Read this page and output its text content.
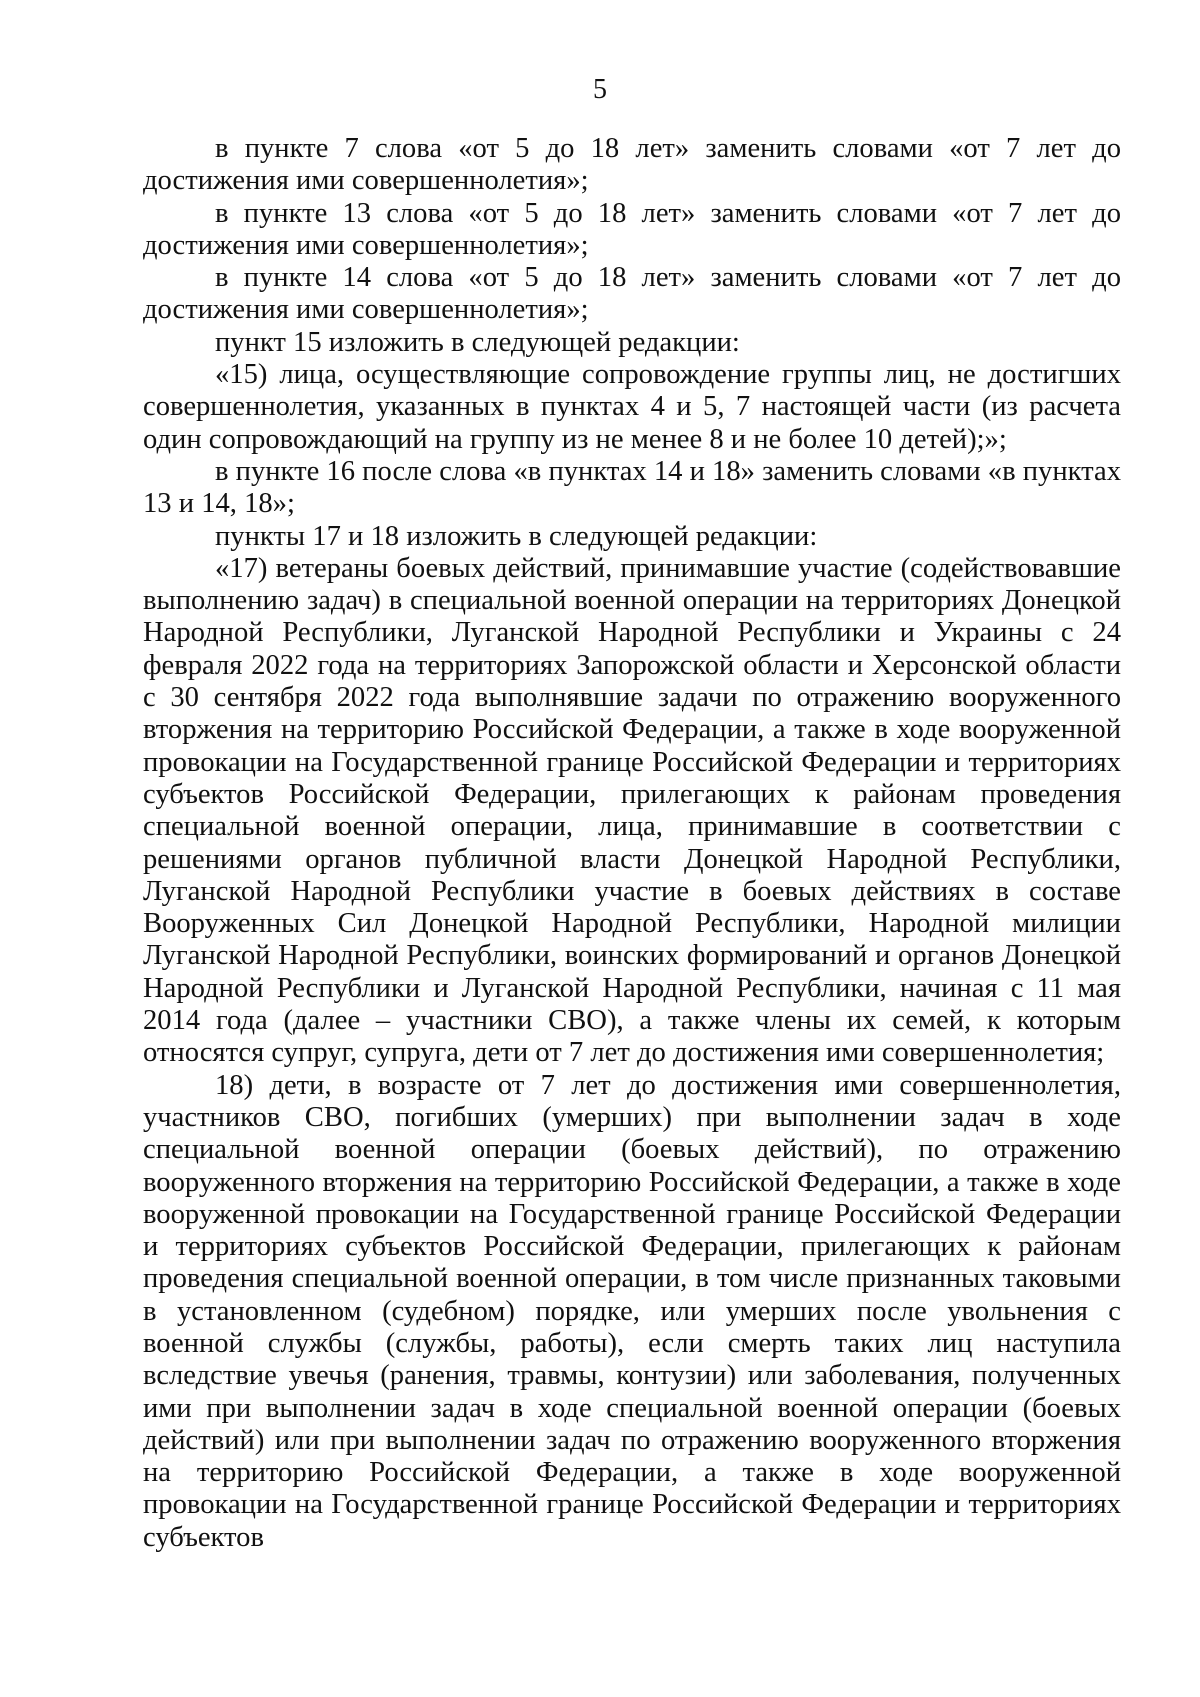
5

в пункте 7 слова «от 5 до 18 лет» заменить словами «от 7 лет до достижения ими совершеннолетия»;

в пункте 13 слова «от 5 до 18 лет» заменить словами «от 7 лет до достижения ими совершеннолетия»;

в пункте 14 слова «от 5 до 18 лет» заменить словами «от 7 лет до достижения ими совершеннолетия»;

пункт 15 изложить в следующей редакции:

«15) лица, осуществляющие сопровождение группы лиц, не достигших совершеннолетия, указанных в пунктах 4 и 5, 7 настоящей части (из расчета один сопровождающий на группу из не менее 8 и не более 10 детей);»;

в пункте 16 после слова «в пунктах 14 и 18» заменить словами «в пунктах 13 и 14, 18»;

пункты 17 и 18 изложить в следующей редакции:

«17) ветераны боевых действий, принимавшие участие (содействовавшие выполнению задач) в специальной военной операции на территориях Донецкой Народной Республики, Луганской Народной Республики и Украины с 24 февраля 2022 года на территориях Запорожской области и Херсонской области с 30 сентября 2022 года выполнявшие задачи по отражению вооруженного вторжения на территорию Российской Федерации, а также в ходе вооруженной провокации на Государственной границе Российской Федерации и территориях субъектов Российской Федерации, прилегающих к районам проведения специальной военной операции, лица, принимавшие в соответствии с решениями органов публичной власти Донецкой Народной Республики, Луганской Народной Республики участие в боевых действиях в составе Вооруженных Сил Донецкой Народной Республики, Народной милиции Луганской Народной Республики, воинских формирований и органов Донецкой Народной Республики и Луганской Народной Республики, начиная с 11 мая 2014 года (далее – участники СВО), а также члены их семей, к которым относятся супруг, супруга, дети от 7 лет до достижения ими совершеннолетия;

18) дети, в возрасте от 7 лет до достижения ими совершеннолетия, участников СВО, погибших (умерших) при выполнении задач в ходе специальной военной операции (боевых действий), по отражению вооруженного вторжения на территорию Российской Федерации, а также в ходе вооруженной провокации на Государственной границе Российской Федерации и территориях субъектов Российской Федерации, прилегающих к районам проведения специальной военной операции, в том числе признанных таковыми в установленном (судебном) порядке, или умерших после увольнения с военной службы (службы, работы), если смерть таких лиц наступила вследствие увечья (ранения, травмы, контузии) или заболевания, полученных ими при выполнении задач в ходе специальной военной операции (боевых действий) или при выполнении задач по отражению вооруженного вторжения на территорию Российской Федерации, а также в ходе вооруженной провокации на Государственной границе Российской Федерации и территориях субъектов
